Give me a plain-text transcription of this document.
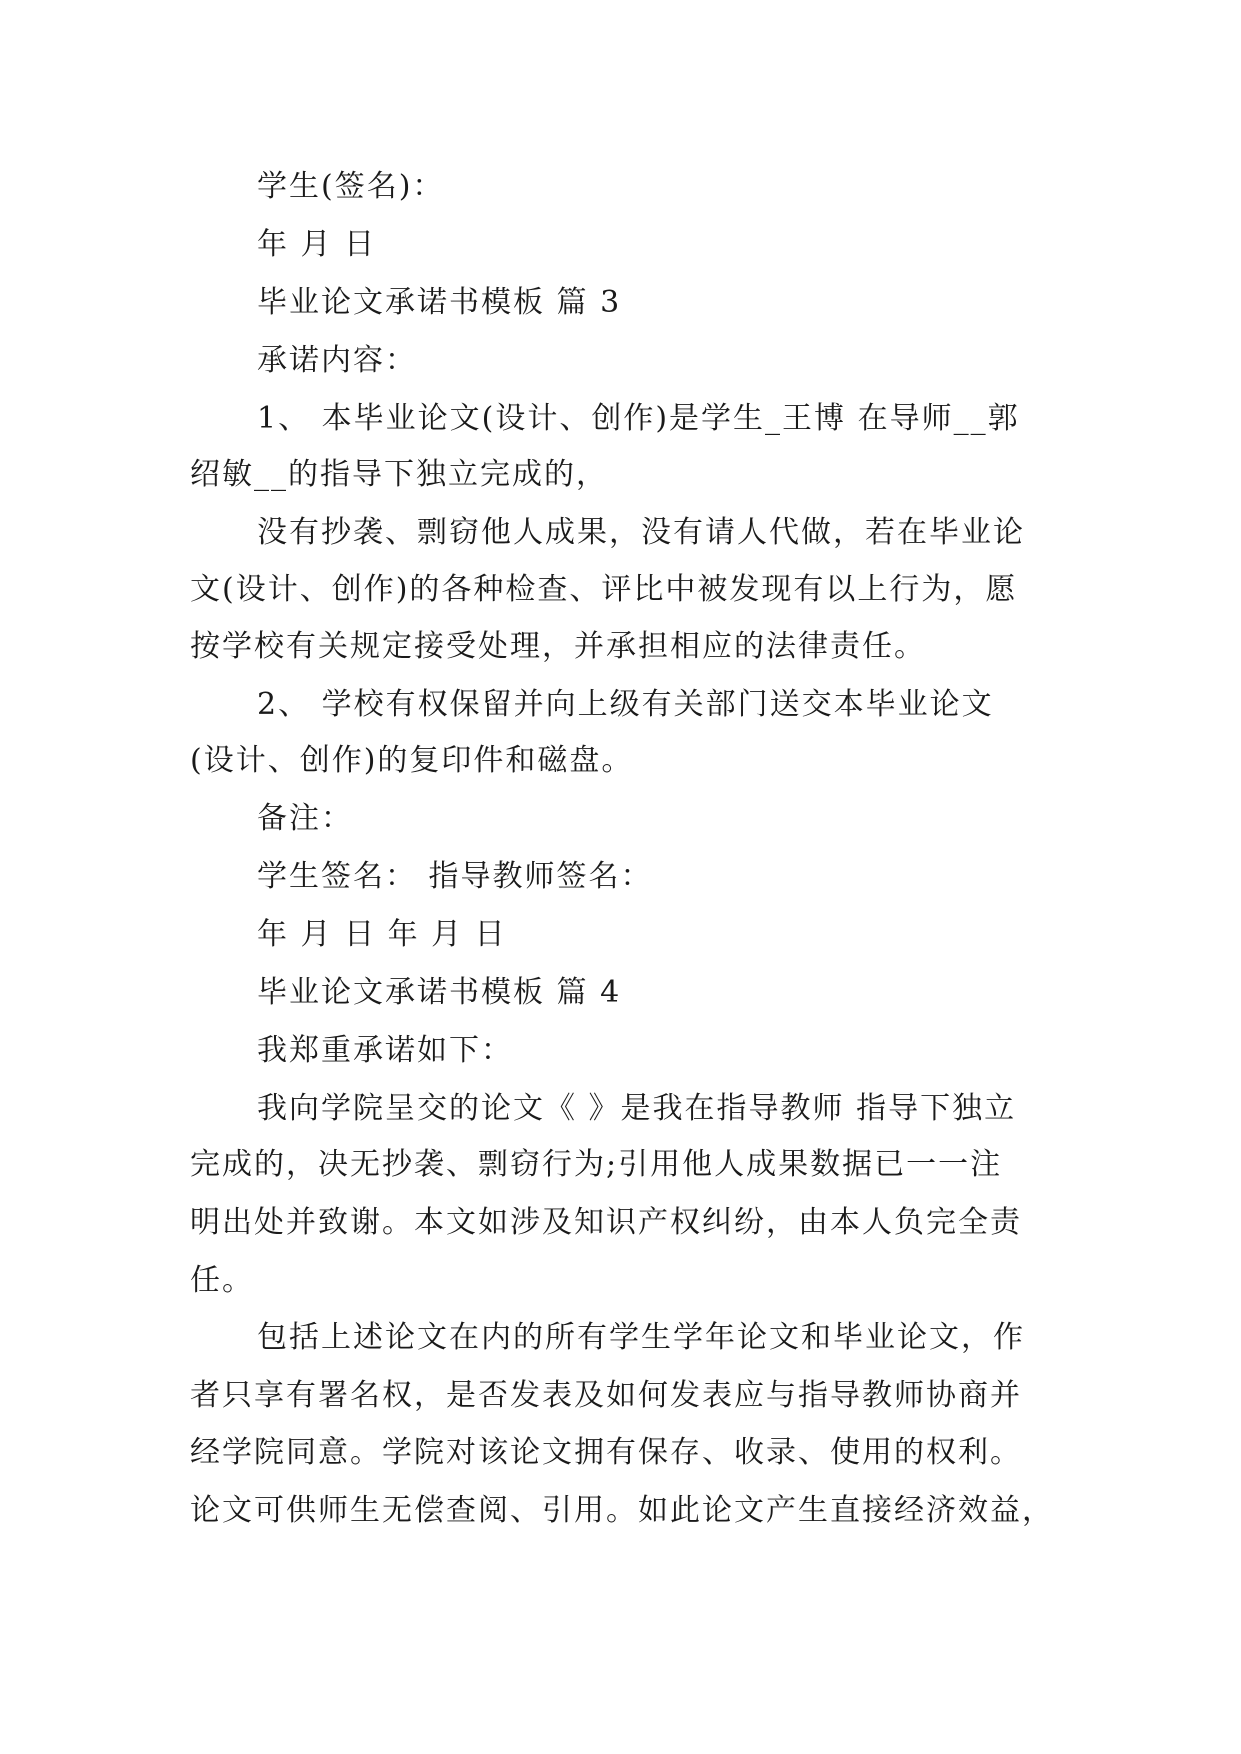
学生(签名)：
年 月 日
毕业论文承诺书模板 篇 3
承诺内容：
1、 本毕业论文(设计、创作)是学生_王博 在导师__郭
绍敏__的指导下独立完成的，
没有抄袭、剽窃他人成果，没有请人代做，若在毕业论
文(设计、创作)的各种检查、评比中被发现有以上行为，愿
按学校有关规定接受处理，并承担相应的法律责任。
2、 学校有权保留并向上级有关部门送交本毕业论文
(设计、创作)的复印件和磁盘。
备注：
学生签名： 指导教师签名：
年 月 日 年 月 日
毕业论文承诺书模板 篇 4
我郑重承诺如下：
我向学院呈交的论文《 》是我在指导教师 指导下独立
完成的，决无抄袭、剽窃行为;引用他人成果数据已一一注
明出处并致谢。本文如涉及知识产权纠纷，由本人负完全责
任。
包括上述论文在内的所有学生学年论文和毕业论文，作
者只享有署名权，是否发表及如何发表应与指导教师协商并
经学院同意。学院对该论文拥有保存、收录、使用的权利。
论文可供师生无偿查阅、引用。如此论文产生直接经济效益，
